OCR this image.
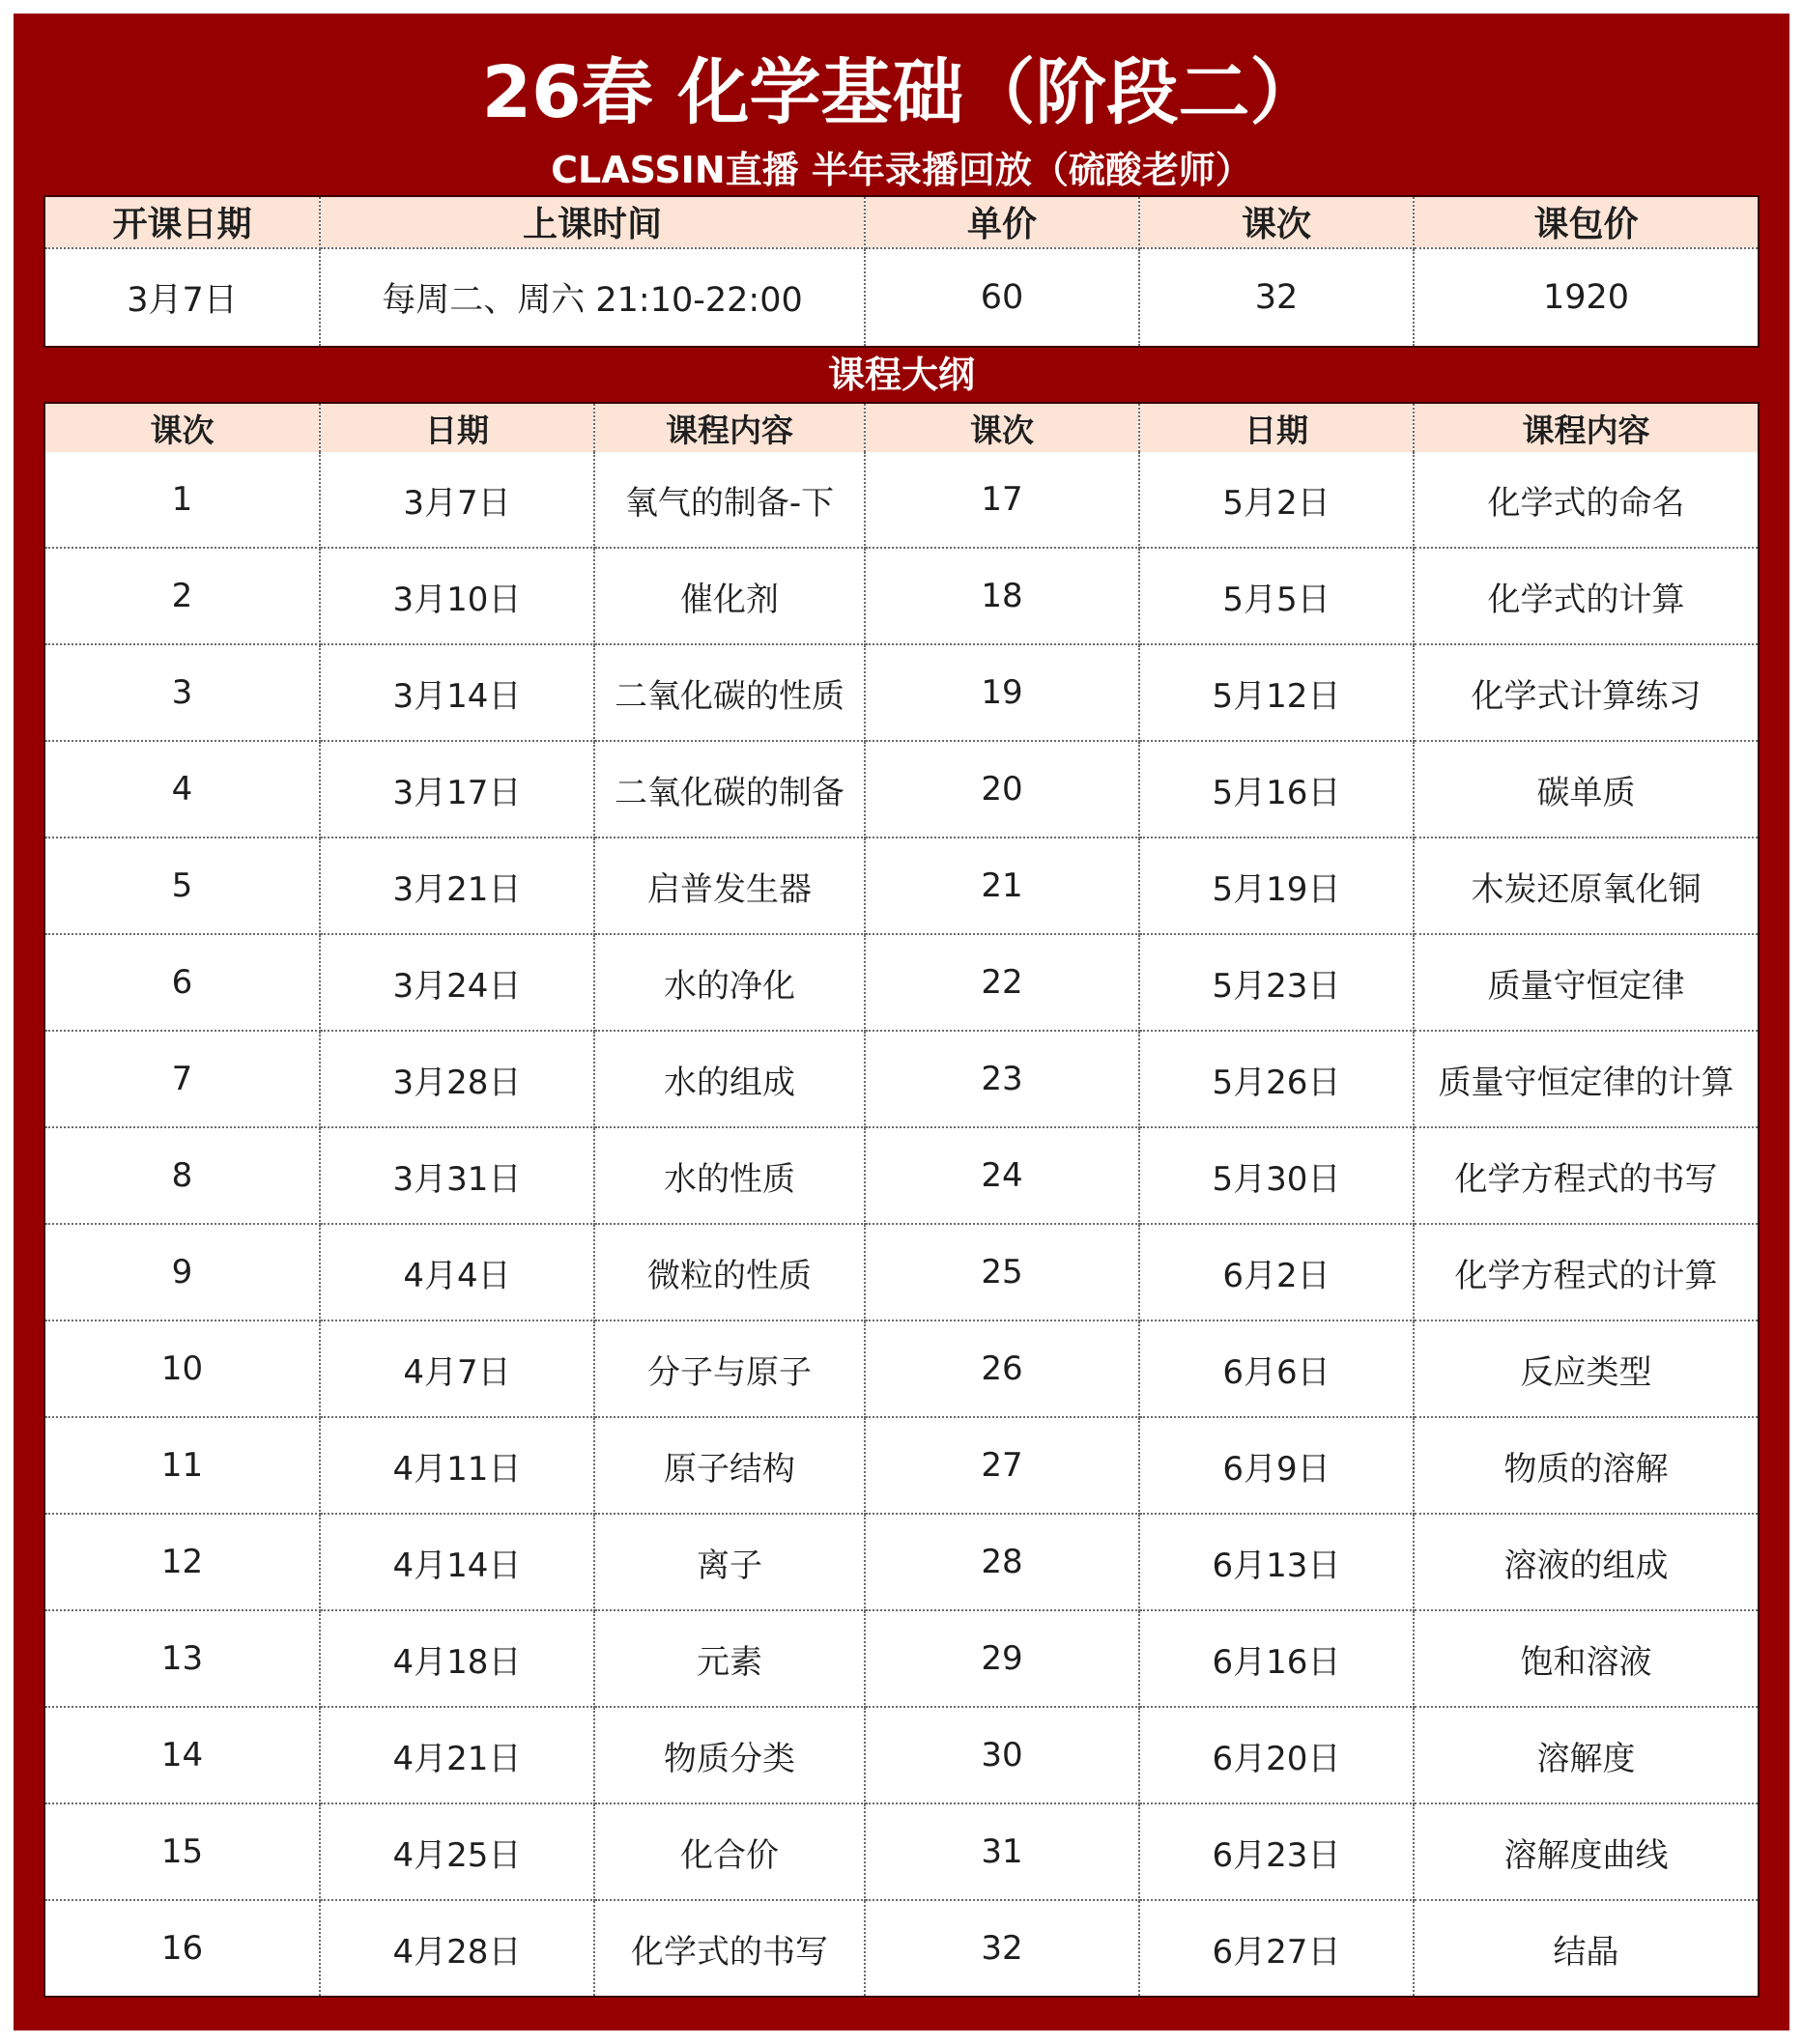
26春 化学基础（阶段二）
CLASSIN直播 半年录播回放（硫酸老师）
开课日期	上课时间	单价	课次	课包价
3月7日	每周二、周六 21:10-22:00	60	32	1920
课程大纲
课次	日期	课程内容	课次	日期	课程内容
1	3月7日	氧气的制备-下	17	5月2日	化学式的命名
2	3月10日	催化剂	18	5月5日	化学式的计算
3	3月14日	二氧化碳的性质	19	5月12日	化学式计算练习
4	3月17日	二氧化碳的制备	20	5月16日	碳单质
5	3月21日	启普发生器	21	5月19日	木炭还原氧化铜
6	3月24日	水的净化	22	5月23日	质量守恒定律
7	3月28日	水的组成	23	5月26日	质量守恒定律的计算
8	3月31日	水的性质	24	5月30日	化学方程式的书写
9	4月4日	微粒的性质	25	6月2日	化学方程式的计算
10	4月7日	分子与原子	26	6月6日	反应类型
11	4月11日	原子结构	27	6月9日	物质的溶解
12	4月14日	离子	28	6月13日	溶液的组成
13	4月18日	元素	29	6月16日	饱和溶液
14	4月21日	物质分类	30	6月20日	溶解度
15	4月25日	化合价	31	6月23日	溶解度曲线
16	4月28日	化学式的书写	32	6月27日	结晶
